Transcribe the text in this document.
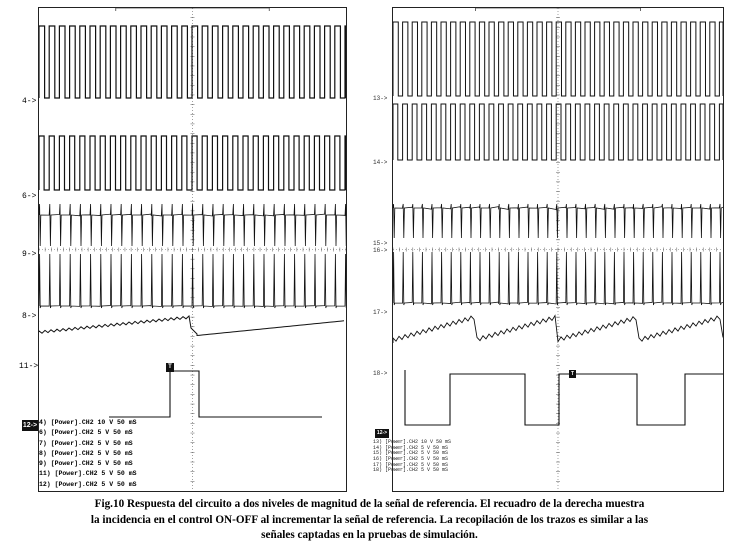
4->
6->
9->
8->
11->
12->
T
4) [Power].CH2 10 V 50 mS
6) [Power].CH2 5 V 50 mS
7) [Power].CH2 5 V 50 mS
8) [Power].CH2 5 V 50 mS
9) [Power].CH2 5 V 50 mS
11) [Power].CH2 5 V 50 mS
12) [Power].CH2 5 V 50 mS
13->
14->
15->
16->
17->
18->
12->
T
13) [Power].CH2 10 V 50 mS
14) [Power].CH2 5 V 50 mS
15) [Power].CH2 5 V 50 mS
16) [Power].CH2 5 V 50 mS
17) [Power].CH2 5 V 50 mS
18) [Power].CH2 5 V 50 mS
Fig.10 Respuesta del circuito a dos niveles de magnitud de la señal de referencia. El recuadro de la derecha muestra
la incidencia en el control ON-OFF al incrementar la señal de referencia. La recopilación de los trazos es similar a las
señales captadas en la pruebas de simulación.
